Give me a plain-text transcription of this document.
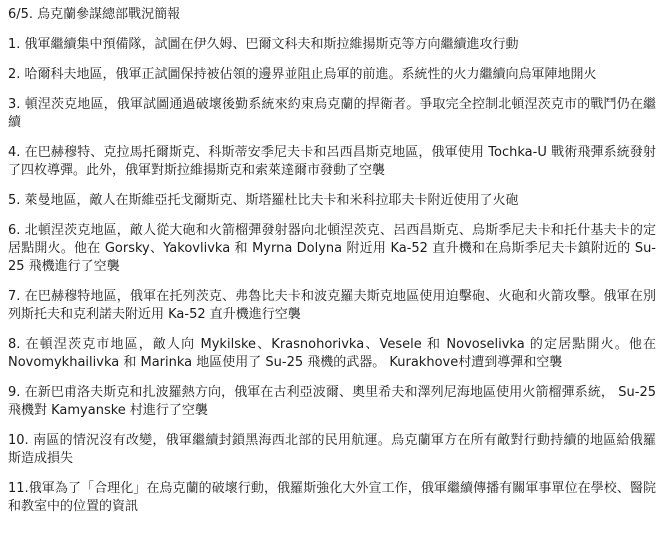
6/5. 烏克蘭參謀總部戰況簡報
1. 俄軍繼續集中預備隊，試圖在伊久姆、巴爾文科夫和斯拉維揚斯克等方向繼續進攻行動
2. 哈爾科夫地區，俄軍正試圖保持被佔領的邊界並阻止烏軍的前進。系統性的火力繼續向烏軍陣地開火
3. 頓涅茨克地區，俄軍試圖通過破壞後勤系統來約束烏克蘭的捍衛者。爭取完全控制北頓涅茨克市的戰鬥仍在繼續
4. 在巴赫穆特、克拉馬托爾斯克、科斯蒂安季尼夫卡和呂西昌斯克地區，俄軍使用 Tochka-U 戰術飛彈系統發射了四枚導彈。此外，俄軍對斯拉維揚斯克和索萊達爾市發動了空襲
5. 萊曼地區，敵人在斯維亞托戈爾斯克、斯塔羅杜比夫卡和米科拉耶夫卡附近使用了火砲
6. 北頓涅茨克地區，敵人從大砲和火箭榴彈發射器向北頓涅茨克、呂西昌斯克、烏斯季尼夫卡和托什基夫卡的定居點開火。他在 Gorsky、Yakovlivka 和 Myrna Dolyna 附近用 Ka-52 直升機和在烏斯季尼夫卡鎮附近的 Su-25 飛機進行了空襲
7. 在巴赫穆特地區，俄軍在托列茨克、弗魯比夫卡和波克羅夫斯克地區使用迫擊砲、火砲和火箭攻擊。俄軍在別列斯托夫和克利諾夫附近用 Ka-52 直升機進行空襲
8. 在頓涅茨克市地區，敵人向 Mykilske、Krasnohorivka、Vesele 和 Novoselivka 的定居點開火。他在 Novomykhailivka 和 Marinka 地區使用了 Su-25 飛機的武器。 Kurakhove村遭到導彈和空襲
9. 在新巴甫洛夫斯克和扎波羅熱方向，俄軍在古利亞波爾、奧里希夫和澤列尼海地區使用火箭榴彈系統， Su-25 飛機對 Kamyanske 村進行了空襲
10. 南區的情況沒有改變，俄軍繼續封鎖黑海西北部的民用航運。烏克蘭軍方在所有敵對行動持續的地區給俄羅斯造成損失
11.俄軍為了「合理化」在烏克蘭的破壞行動，俄羅斯強化大外宣工作，俄軍繼續傳播有關軍事單位在學校、醫院和教室中的位置的資訊
